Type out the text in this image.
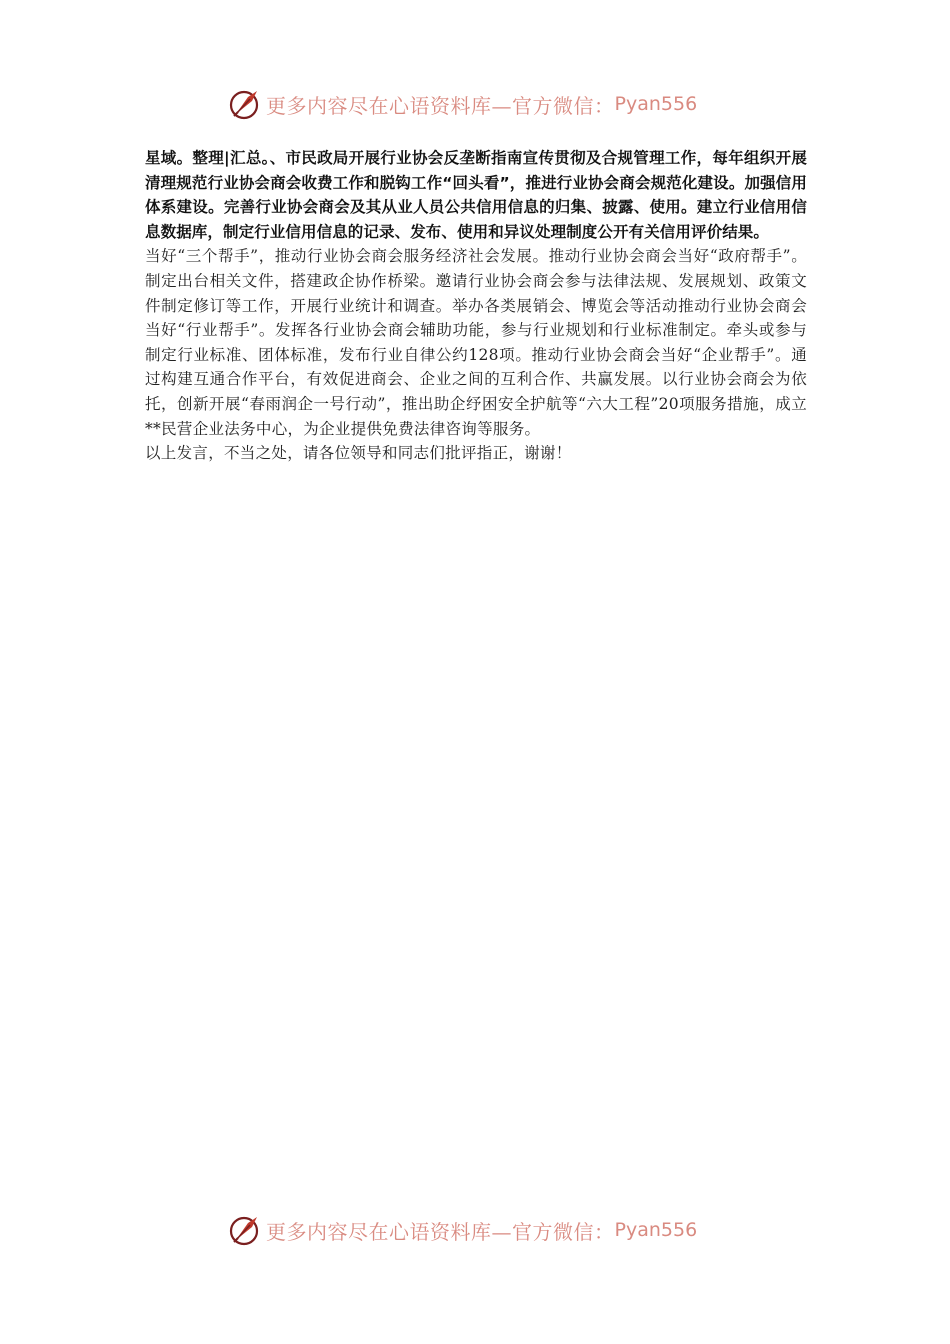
更多内容尽在心语资料库—官方微信： Pyan556

星域。整理|汇总。、市民政局开展行业协会反垄断指南宣传贯彻及合规管理工作，每年组织开展清理规范行业协会商会收费工作和脱钩工作“回头看”，推进行业协会商会规范化建设。加强信用体系建设。完善行业协会商会及其从业人员公共信用信息的归集、披露、使用。建立行业信用信息数据库，制定行业信用信息的记录、发布、使用和异议处理制度公开有关信用评价结果。

当好“三个帮手”，推动行业协会商会服务经济社会发展。推动行业协会商会当好“政府帮手”。制定出台相关文件，搭建政企协作桥梁。邀请行业协会商会参与法律法规、发展规划、政策文件制定修订等工作，开展行业统计和调查。举办各类展销会、博览会等活动推动行业协会商会当好“行业帮手”。发挥各行业协会商会辅助功能，参与行业规划和行业标准制定。牵头或参与制定行业标准、团体标准，发布行业自律公约128项。推动行业协会商会当好“企业帮手”。通过构建互通合作平台，有效促进商会、企业之间的互利合作、共赢发展。以行业协会商会为依托，创新开展“春雨润企一号行动”，推出助企纾困安全护航等“六大工程”20项服务措施，成立**民营企业法务中心，为企业提供免费法律咨询等服务。

以上发言，不当之处，请各位领导和同志们批评指正，谢谢！

更多内容尽在心语资料库—官方微信： Pyan556
